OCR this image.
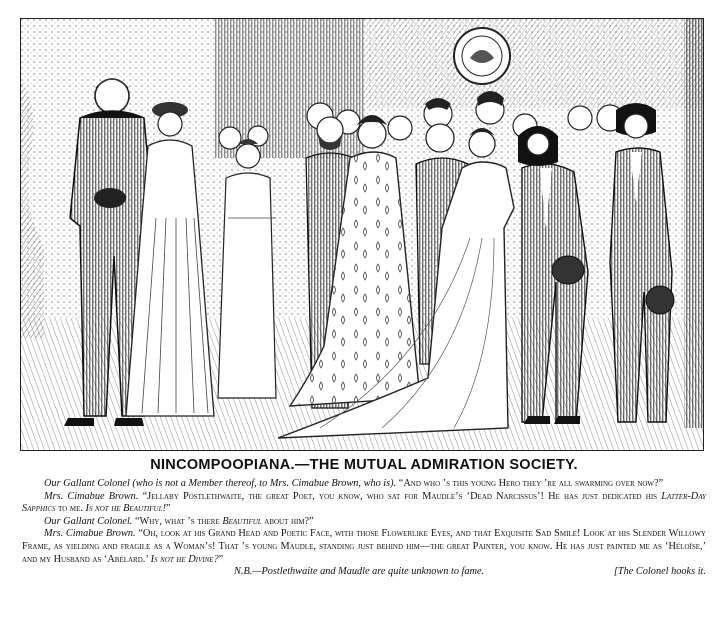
NINCOMPOOPIANA.—THE MUTUAL ADMIRATION SOCIETY.

Our Gallant Colonel (who is not a Member thereof, to Mrs. Cimabue Brown, who is). “And who ’s this young Hero they ’re all swarming over now?”

Mrs. Cimabue Brown. “Jellaby Postlethwaite, the great Poet, you know, who sat for Maudle’s ‘Dead Narcissus’! He has just dedicated his Latter-Day Sapphics to me. Is not he Beautiful!”

Our Gallant Colonel. “Why, what ’s there Beautiful about him?”

Mrs. Cimabue Brown. “Oh, look at his Grand Head and Poetic Face, with those Flowerlike Eyes, and that Exquisite Sad Smile! Look at his Slender Willowy Frame, as yielding and fragile as a Woman’s! That ’s young Maudle, standing just behind him—the great Painter, you know. He has just painted me as ‘Héloïse,’ and my Husband as ‘Abélard.’ Is not he Divine?”

N.B.—Postlethwaite and Maudle are quite unknown to fame.	[The Colonel hooks it.
